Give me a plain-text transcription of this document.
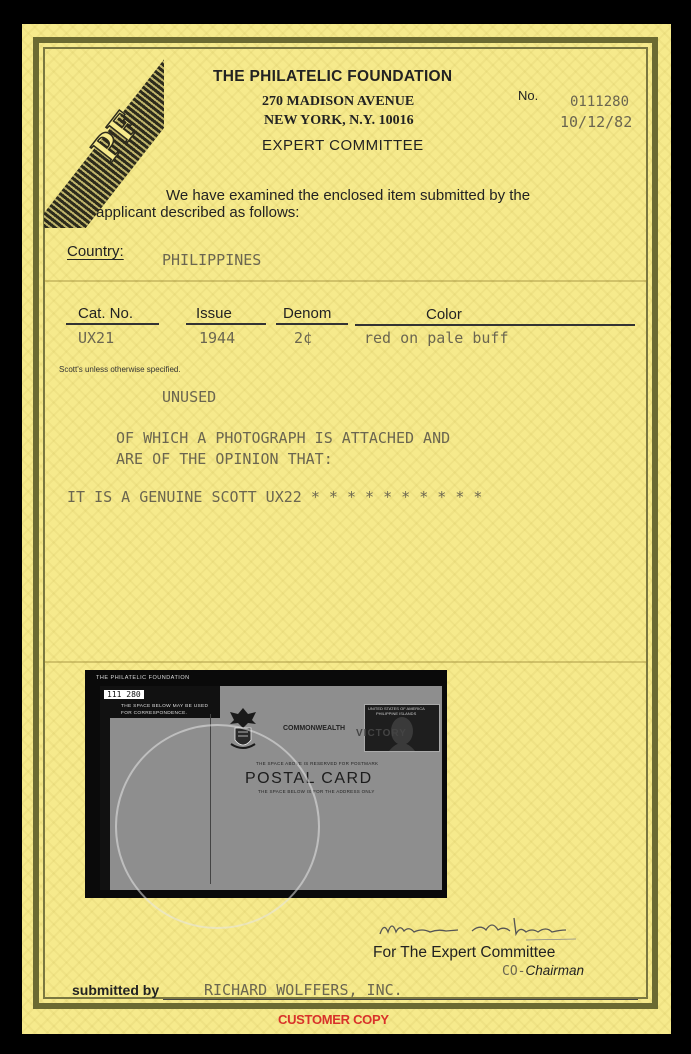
PF
THE PHILATELIC FOUNDATION
270 MADISON AVENUE
NEW YORK, N.Y. 10016
EXPERT COMMITTEE
No. 0111280
10/12/82
We have examined the enclosed item submitted by the
applicant described as follows:
Country:	PHILIPPINES
Cat. No.	Issue	Denom	Color
UX21	1944	2¢	red on pale buff
Scott's unless otherwise specified.
UNUSED
OF WHICH A PHOTOGRAPH IS ATTACHED AND
ARE OF THE OPINION THAT:
IT IS A GENUINE SCOTT UX22 * * * * * * * * * *
THE PHILATELIC FOUNDATION
111 280
THE SPACE BELOW MAY BE USED
FOR CORRESPONDENCE.
COMMONWEALTH
THE SPACE ABOVE IS RESERVED FOR POSTMARK
POSTAL CARD
THE SPACE BELOW IS FOR THE ADDRESS ONLY
UNITED STATES OF AMERICA
PHILIPPINE ISLANDS
VICTORY
For The Expert Committee
CO-Chairman
submitted by	RICHARD WOLFFERS, INC.
CUSTOMER COPY
